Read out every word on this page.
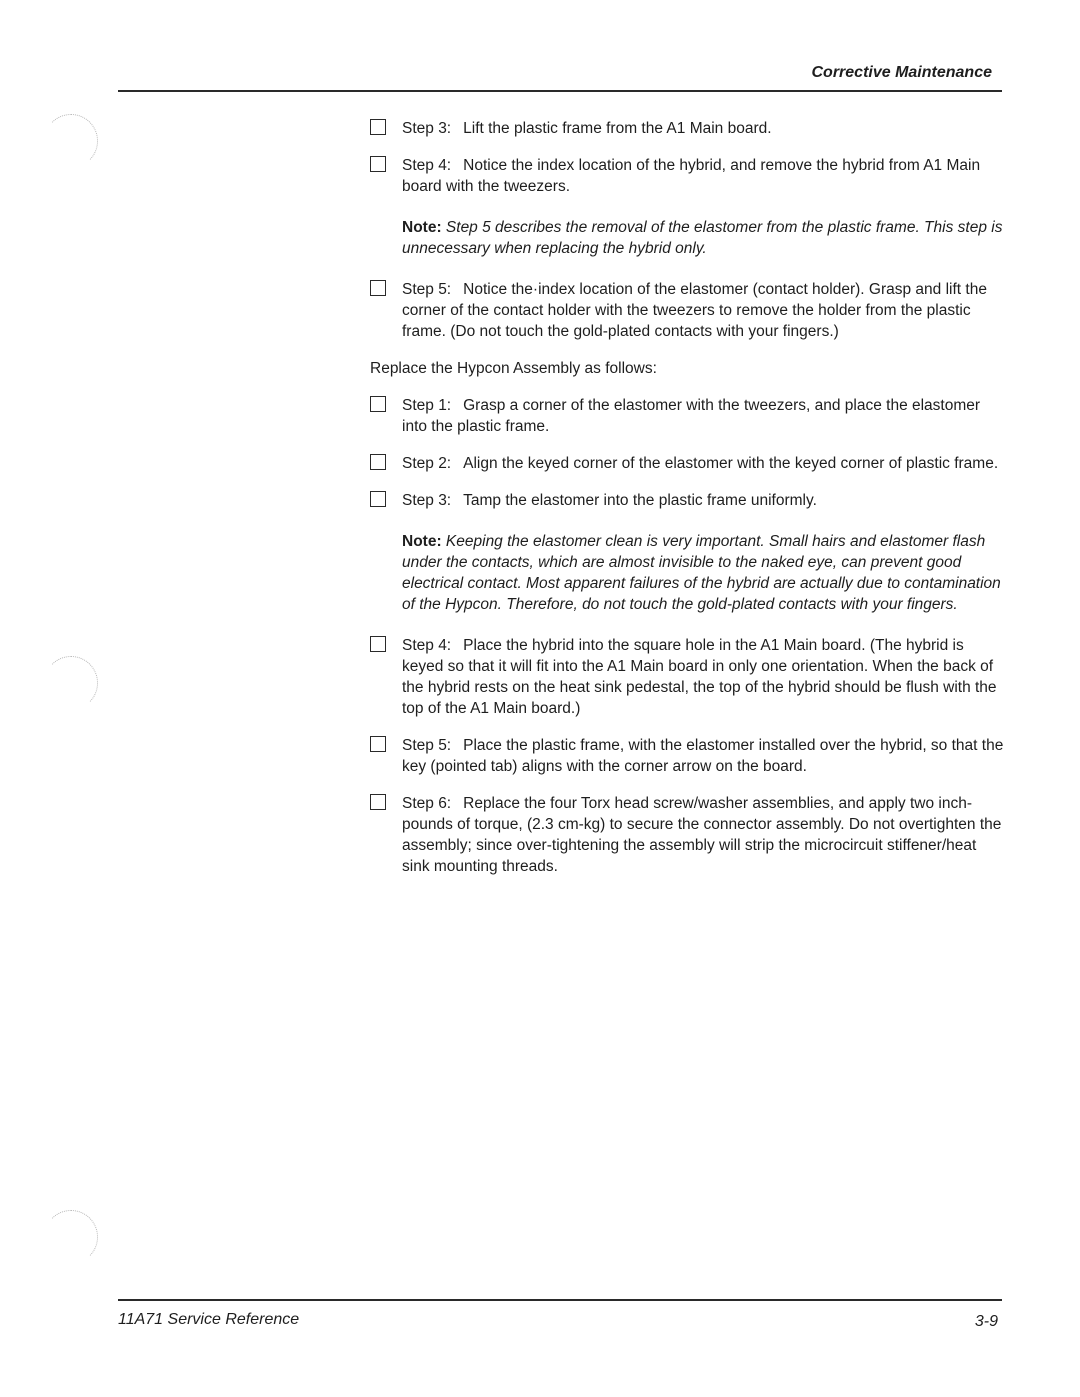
Corrective Maintenance
Step 3: Lift the plastic frame from the A1 Main board.
Step 4: Notice the index location of the hybrid, and remove the hybrid from A1 Main board with the tweezers.
Note: Step 5 describes the removal of the elastomer from the plastic frame. This step is unnecessary when replacing the hybrid only.
Step 5: Notice the·index location of the elastomer (contact holder). Grasp and lift the corner of the contact holder with the tweezers to remove the holder from the plastic frame. (Do not touch the gold-plated contacts with your fingers.)
Replace the Hypcon Assembly as follows:
Step 1: Grasp a corner of the elastomer with the tweezers, and place the elastomer into the plastic frame.
Step 2: Align the keyed corner of the elastomer with the keyed corner of plastic frame.
Step 3: Tamp the elastomer into the plastic frame uniformly.
Note: Keeping the elastomer clean is very important. Small hairs and elastomer flash under the contacts, which are almost invisible to the naked eye, can prevent good electrical contact. Most apparent failures of the hybrid are actually due to contamination of the Hypcon. Therefore, do not touch the gold-plated contacts with your fingers.
Step 4: Place the hybrid into the square hole in the A1 Main board. (The hybrid is keyed so that it will fit into the A1 Main board in only one orientation. When the back of the hybrid rests on the heat sink pedestal, the top of the hybrid should be flush with the top of the A1 Main board.)
Step 5: Place the plastic frame, with the elastomer installed over the hybrid, so that the key (pointed tab) aligns with the corner arrow on the board.
Step 6: Replace the four Torx head screw/washer assemblies, and apply two inch-pounds of torque, (2.3 cm-kg) to secure the connector assembly. Do not overtighten the assembly; since over-tightening the assembly will strip the microcircuit stiffener/heat sink mounting threads.
11A71 Service Reference	3-9
